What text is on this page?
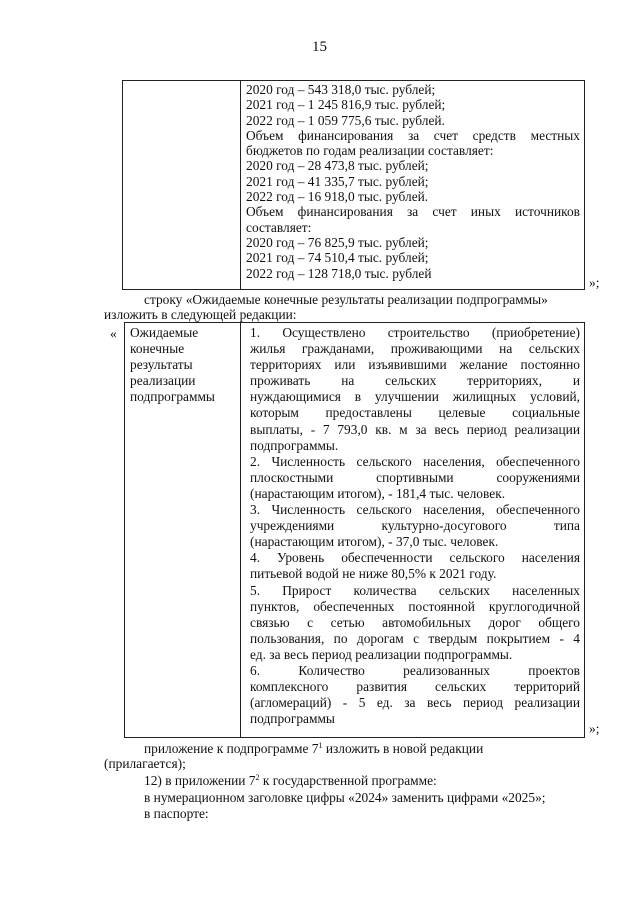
15
2020 год – 543 318,0 тыс. рублей;
2021 год – 1 245 816,9 тыс. рублей;
2022 год – 1 059 775,6 тыс. рублей.
Объем финансирования за счет средств местных
бюджетов по годам реализации составляет:
2020 год – 28 473,8 тыс. рублей;
2021 год – 41 335,7 тыс. рублей;
2022 год – 16 918,0 тыс. рублей.
Объем финансирования за счет иных источников
составляет:
2020 год – 76 825,9 тыс. рублей;
2021 год – 74 510,4 тыс. рублей;
2022 год – 128 718,0 тыс. рублей
»;
строку «Ожидаемые конечные результаты реализации подпрограммы»
изложить в следующей редакции:
« Ожидаемые
конечные
результаты
реализации
подпрограммы
1. Осуществлено строительство (приобретение)
жилья гражданами, проживающими на сельских
территориях или изъявившими желание постоянно
проживать на сельских территориях, и
нуждающимися в улучшении жилищных условий,
которым предоставлены целевые социальные
выплаты, - 7 793,0 кв. м за весь период реализации
подпрограммы.
2. Численность сельского населения, обеспеченного
плоскостными спортивными сооружениями
(нарастающим итогом), - 181,4 тыс. человек.
3. Численность сельского населения, обеспеченного
учреждениями культурно-досугового типа
(нарастающим итогом), - 37,0 тыс. человек.
4. Уровень обеспеченности сельского населения
питьевой водой не ниже 80,5% к 2021 году.
5. Прирост количества сельских населенных
пунктов, обеспеченных постоянной круглогодичной
связью с сетью автомобильных дорог общего
пользования, по дорогам с твердым покрытием - 4
ед. за весь период реализации подпрограммы.
6. Количество реализованных проектов
комплексного развития сельских территорий
(агломераций) - 5 ед. за весь период реализации
подпрограммы
»;
приложение к подпрограмме $7^1$ изложить в новой редакции
(прилагается);
12) в приложении $7^2$ к государственной программе:
в нумерационном заголовке цифры «2024» заменить цифрами «2025»;
в паспорте:
